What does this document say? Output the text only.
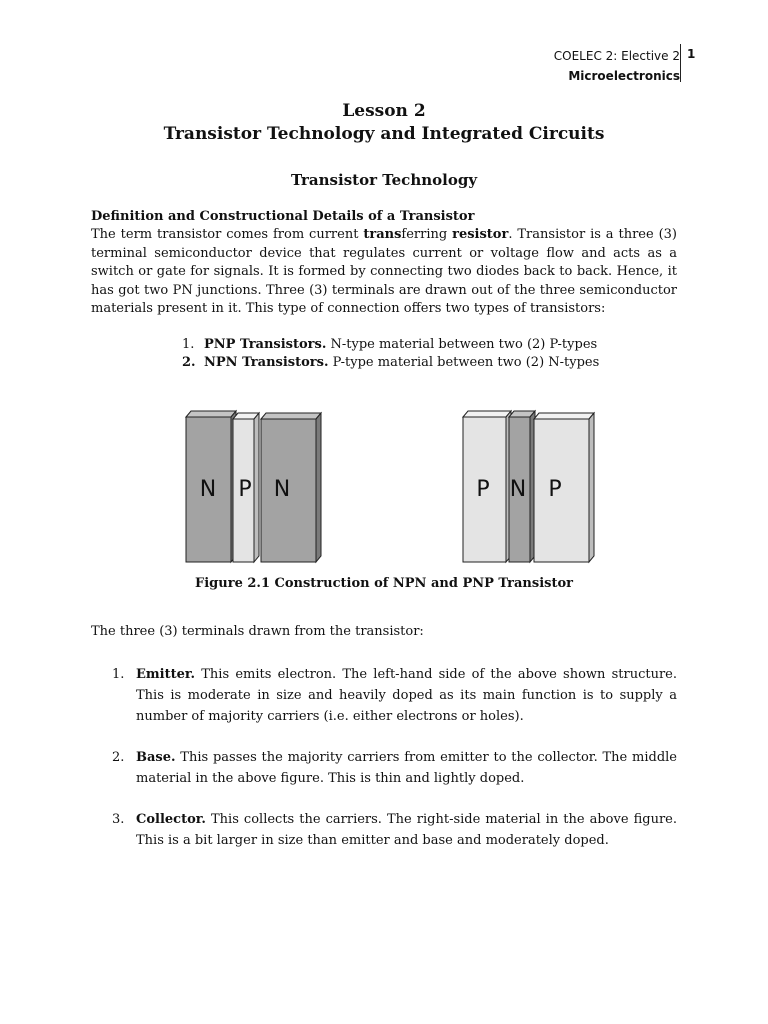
COELEC 2: Elective 2
Microelectronics
1
Lesson 2
Transistor Technology and Integrated Circuits
Transistor Technology
Definition and Constructional Details of a Transistor
The term transistor comes from current transferring resistor. Transistor is a three (3) terminal semiconductor device that regulates current or voltage flow and acts as a switch or gate for signals. It is formed by connecting two diodes back to back. Hence, it has got two PN junctions. Three (3) terminals are drawn out of the three semiconductor materials present in it. This type of connection offers two types of transistors:
1. PNP Transistors. N-type material between two (2) P-types
2. NPN Transistors. P-type material between two (2) N-types
N P N	P N P
Figure 2.1 Construction of NPN and PNP Transistor
The three (3) terminals drawn from the transistor:
1. Emitter. This emits electron. The left-hand side of the above shown structure. This is moderate in size and heavily doped as its main function is to supply a number of majority carriers (i.e. either electrons or holes).
2. Base. This passes the majority carriers from emitter to the collector. The middle material in the above figure. This is thin and lightly doped.
3. Collector. This collects the carriers. The right-side material in the above figure. This is a bit larger in size than emitter and base and moderately doped.
